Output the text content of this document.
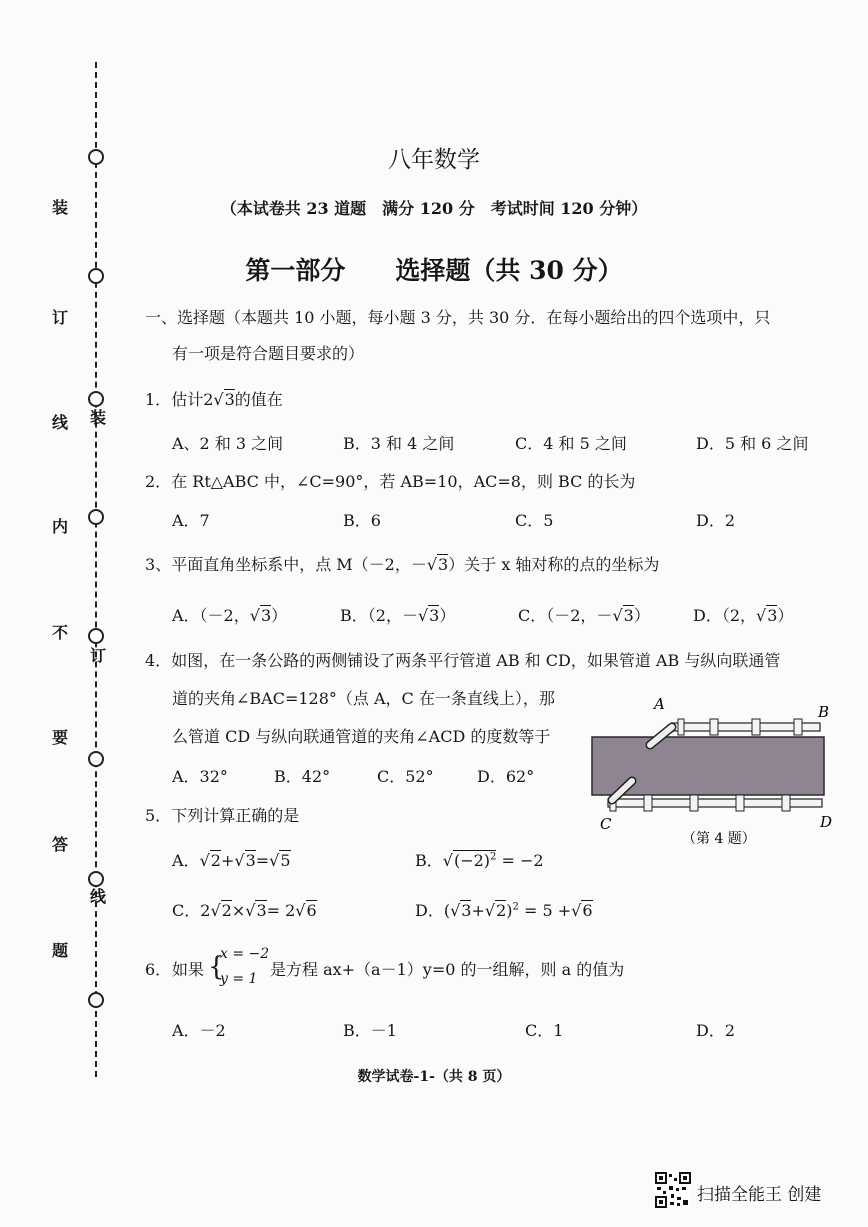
装
订
线
内
不
要
答
题
装
订
线
八年数学
（本试卷共 23 道题　满分 120 分　考试时间 120 分钟）
第一部分　　选择题（共 30 分）
一、选择题（本题共 10 小题，每小题 3 分，共 30 分．在每小题给出的四个选项中，只
有一项是符合题目要求的）
1．估计2√3的值在
A、2 和 3 之间	B．3 和 4 之间	C．4 和 5 之间	D．5 和 6 之间
2．在 Rt△ABC 中，∠C=90°，若 AB=10，AC=8，则 BC 的长为
A．7	B．6	C．5	D．2
3、平面直角坐标系中，点 M（－2，－√3）关于 x 轴对称的点的坐标为
A．（－2，√3）	B．（2，－√3）	C．（－2，－√3）	D．（2，√3）
4．如图，在一条公路的两侧铺设了两条平行管道 AB 和 CD，如果管道 AB 与纵向联通管
道的夹角∠BAC=128°（点 A，C 在一条直线上），那
么管道 CD 与纵向联通管道的夹角∠ACD 的度数等于
A．32°	B．42°	C．52°	D．62°
A	B
C	D
（第 4 题）
5．下列计算正确的是
A．√2+√3=√5	B．$√(-2)^2 = -2$
C．2√2×√3= 2√6	D．$(√3+√2)^2 = 5 +√6$
6． 如果 {
x = −2
y = 1 是方程 ax+（a－1）y=0 的一组解，则 a 的值为
A．－2	B．－1	C．1	D．2
数学试卷-1-（共 8 页）
扫描全能王 创建
